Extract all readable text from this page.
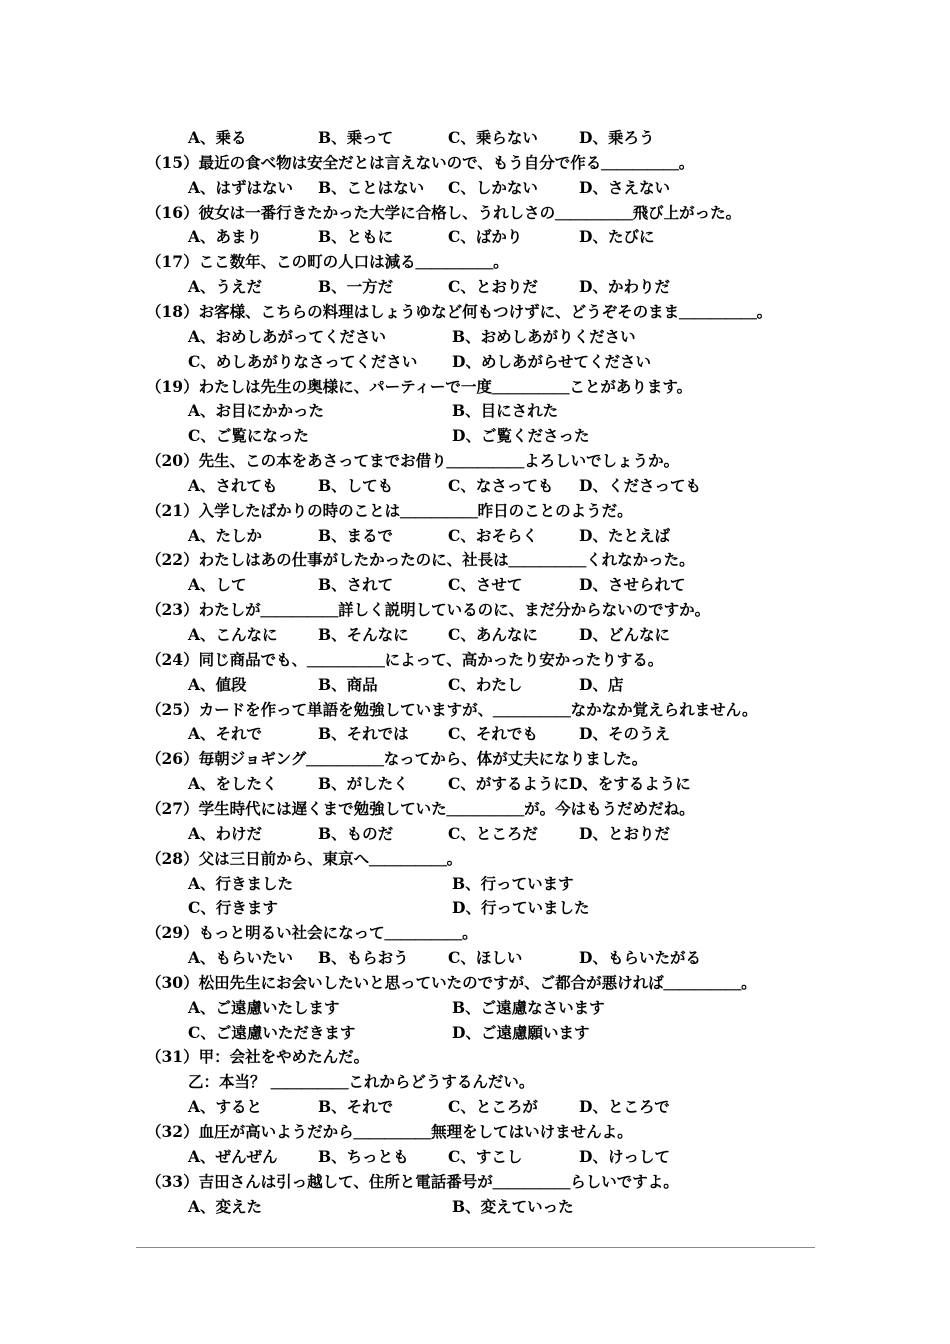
A、乗る	B、乗って	C、乗らない	D、乗ろう
（15）最近の食べ物は安全だとは言えないので、もう自分で作る＿＿＿＿＿。
A、はずはない B、ことはない C、しかない	D、さえない
（16）彼女は一番行きたかった大学に合格し、うれしさの＿＿＿＿＿飛び上がった。
A、あまり	B、ともに	C、ばかり	D、たびに
（17）ここ数年、この町の人口は減る＿＿＿＿＿。
A、うえだ	B、一方だ	C、とおりだ	D、かわりだ
（18）お客様、こちらの料理はしょうゆなど何もつけずに、どうぞそのまま＿＿＿＿＿。
A、おめしあがってください	B、おめしあがりください
C、めしあがりなさってください D、めしあがらせてください
（19）わたしは先生の奥様に、パーティーで一度＿＿＿＿＿ことがあります。
A、お目にかかった	B、目にされた
C、ご覧になった	D、ご覧くださった
（20）先生、この本をあさってまでお借り＿＿＿＿＿よろしいでしょうか。
A、されても	B、しても	C、なさっても D、くださっても
（21）入学したばかりの時のことは＿＿＿＿＿昨日のことのようだ。
A、たしか	B、まるで	C、おそらく	D、たとえば
（22）わたしはあの仕事がしたかったのに、社長は＿＿＿＿＿くれなかった。
A、して	B、されて	C、させて	D、させられて
（23）わたしが＿＿＿＿＿詳しく説明しているのに、まだ分からないのですか。
A、こんなに	B、そんなに	C、あんなに	D、どんなに
（24）同じ商品でも、＿＿＿＿＿によって、高かったり安かったりする。
A、値段	B、商品	C、わたし	D、店
（25）カードを作って単語を勉強していますが、＿＿＿＿＿なかなか覚えられません。
A、それで	B、それでは	C、それでも	D、そのうえ
（26）毎朝ジョギング＿＿＿＿＿なってから、体が丈夫になりました。
A、をしたく	B、がしたく	C、がするようにD、をするように
（27）学生時代には遅くまで勉強していた＿＿＿＿＿が。今はもうだめだね。
A、わけだ	B、ものだ	C、ところだ	D、とおりだ
（28）父は三日前から、東京へ＿＿＿＿＿。
A、行きました	B、行っています
C、行きます	D、行っていました
（29）もっと明るい社会になって＿＿＿＿＿。
A、もらいたい B、もらおう	C、ほしい	D、もらいたがる
（30）松田先生にお会いしたいと思っていたのですが、ご都合が悪ければ＿＿＿＿＿。
A、ご遠慮いたします	B、ご遠慮なさいます
C、ご遠慮いただきます	D、ご遠慮願います
（31）甲：会社をやめたんだ。
乙：本当？ ＿＿＿＿＿これからどうするんだい。
A、すると	B、それで	C、ところが	D、ところで
（32）血圧が高いようだから＿＿＿＿＿無理をしてはいけませんよ。
A、ぜんぜん	B、ちっとも	C、すこし	D、けっして
（33）吉田さんは引っ越して、住所と電話番号が＿＿＿＿＿らしいですよ。
A、変えた	B、変えていった
